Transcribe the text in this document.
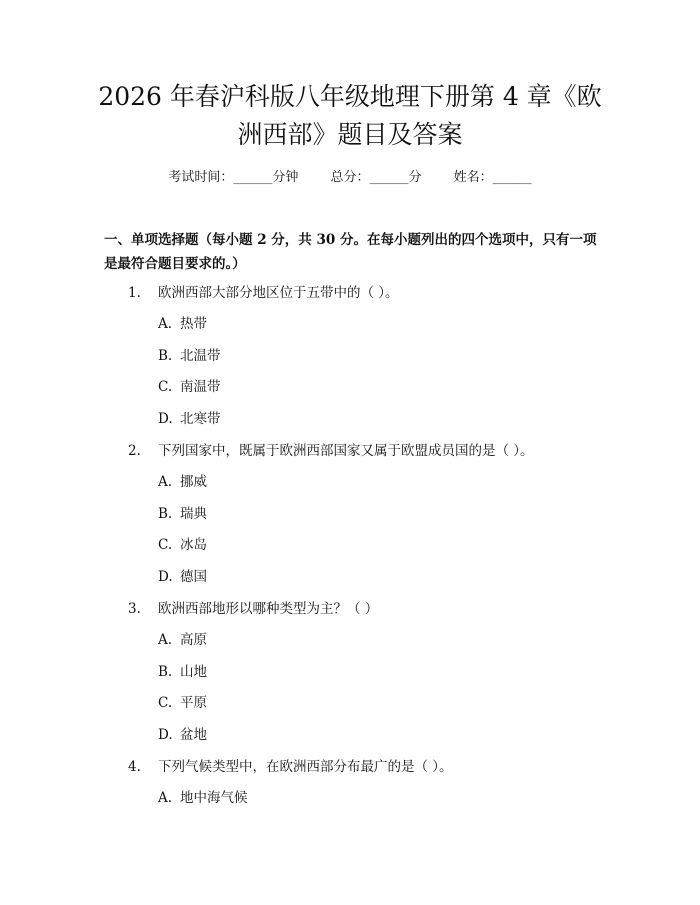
2026 年春沪科版八年级地理下册第 4 章《欧
洲西部》题目及答案
考试时间：______分钟 总分：______分 姓名：______
一、单项选择题（每小题 2 分，共 30 分。在每小题列出的四个选项中，只有一项是最符合题目要求的。）
1. 欧洲西部大部分地区位于五带中的（ ）。
A. 热带
B. 北温带
C. 南温带
D. 北寒带
2. 下列国家中，既属于欧洲西部国家又属于欧盟成员国的是（ ）。
A. 挪威
B. 瑞典
C. 冰岛
D. 德国
3. 欧洲西部地形以哪种类型为主？（ ）
A. 高原
B. 山地
C. 平原
D. 盆地
4. 下列气候类型中，在欧洲西部分布最广的是（ ）。
A. 地中海气候
